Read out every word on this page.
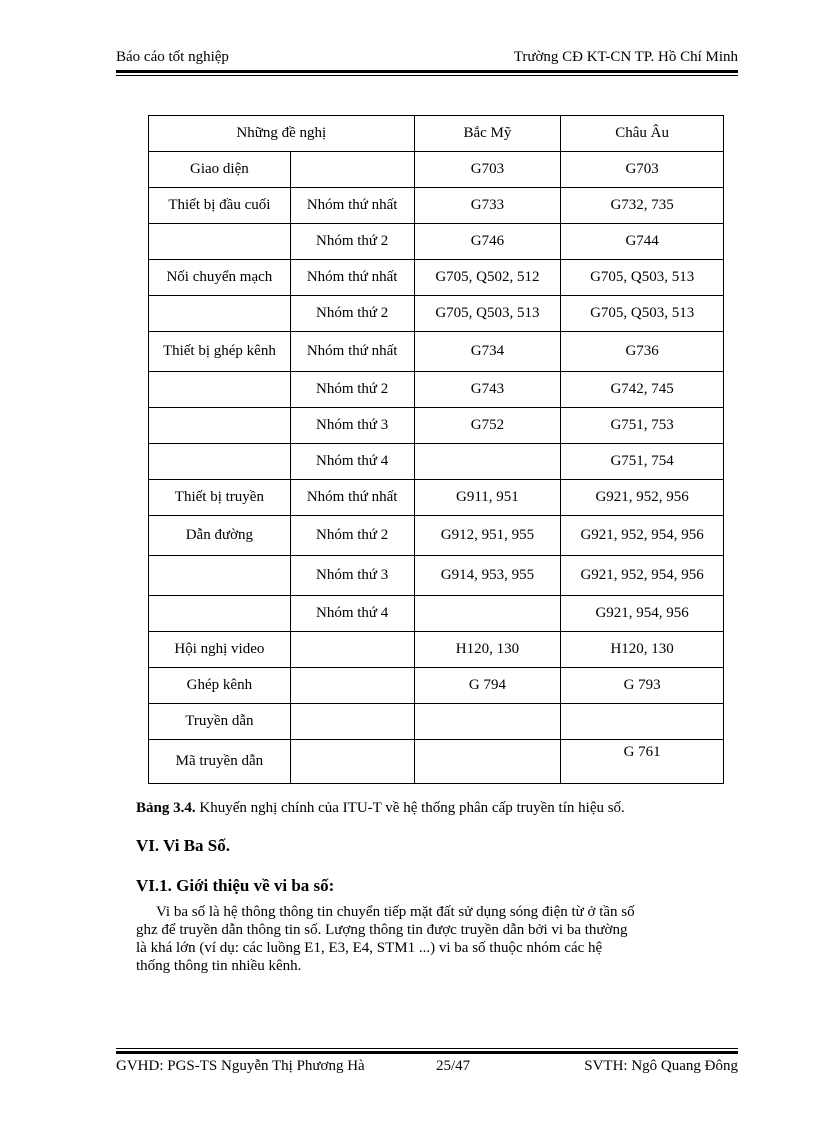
Báo cáo tốt nghiệp	Trường CĐ KT-CN TP. Hồ Chí Minh
Những đề nghị		Bắc Mỹ	Châu Âu
Giao diện		G703	G703
Thiết bị đầu cuối	Nhóm thứ nhất	G733	G732, 735
	Nhóm thứ 2	G746	G744
Nối chuyển mạch	Nhóm thứ nhất	G705, Q502, 512	G705, Q503, 513
	Nhóm thứ 2	G705, Q503, 513	G705, Q503, 513
Thiết bị ghép kênh	Nhóm thứ nhất	G734	G736
	Nhóm thứ 2	G743	G742, 745
	Nhóm thứ 3	G752	G751, 753
	Nhóm thứ 4		G751, 754
Thiết bị truyền	Nhóm thứ nhất	G911, 951	G921, 952, 956
Dẫn đường	Nhóm thứ 2	G912, 951, 955	G921, 952, 954, 956
	Nhóm thứ 3	G914, 953, 955	G921, 952, 954, 956
	Nhóm thứ 4		G921, 954, 956
Hội nghị video		H120, 130	H120, 130
Ghép kênh		G 794	G 793
Truyền dẫn			
Mã truyền dẫn			G 761
Bảng 3.4. Khuyến nghị chính của ITU-T về hệ thống phân cấp truyền tín hiệu số.
VI. Vi Ba Số.
VI.1. Giới thiệu về vi ba số:
Vi ba số là hệ thông thông tin chuyển tiếp mặt đất sử dụng sóng điện từ ở tần số
ghz để truyền dẫn thông tin số. Lượng thông tin được truyền dẫn bởi vi ba thường
là khá lớn (ví dụ: các luồng E1, E3, E4, STM1 ...) vi ba số thuộc nhóm các hệ
thống thông tin nhiều kênh.
GVHD: PGS-TS Nguyễn Thị Phương Hà	25/47	SVTH: Ngô Quang Đông
